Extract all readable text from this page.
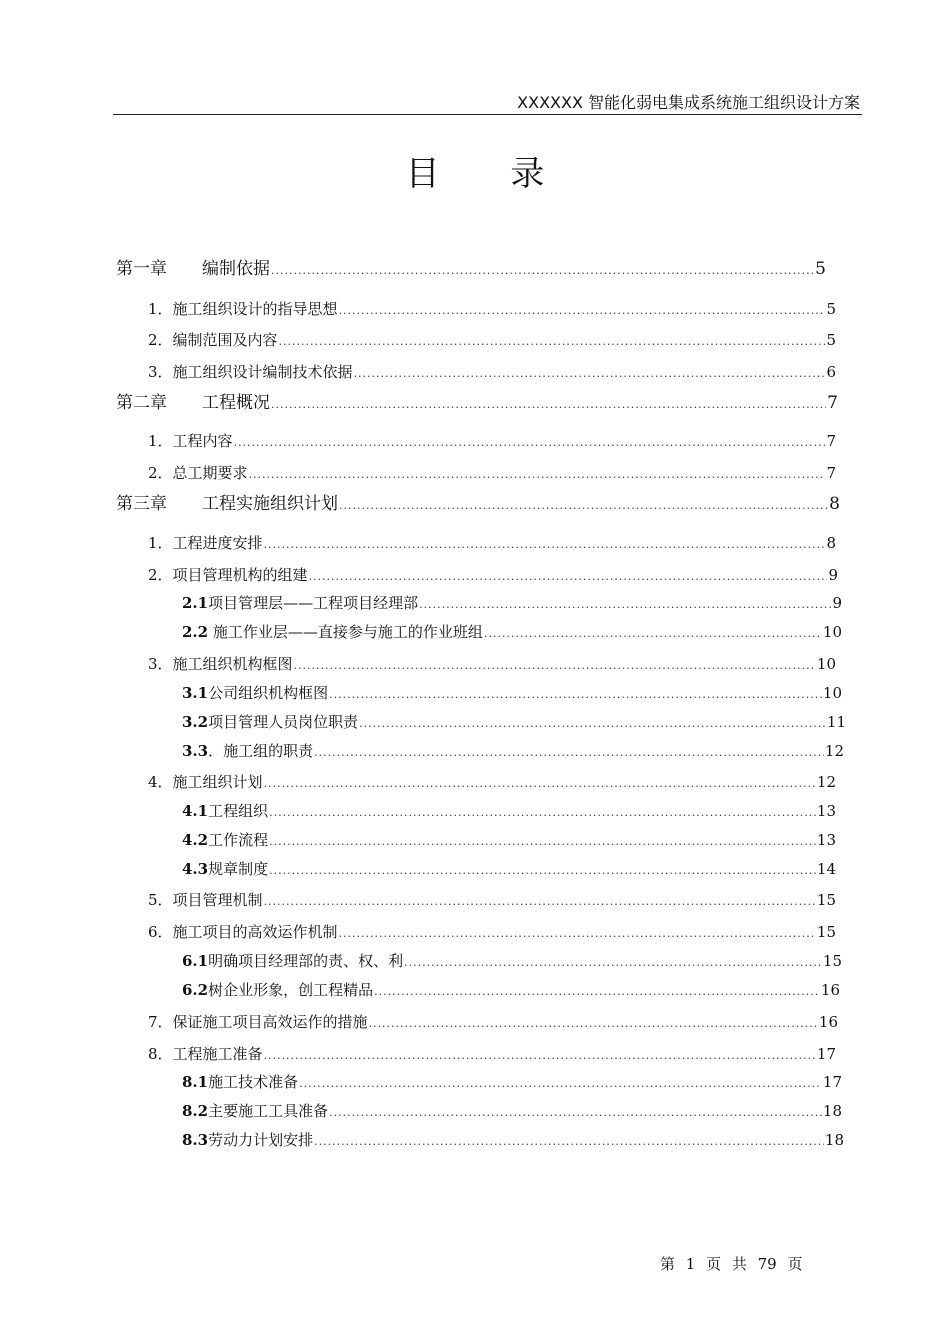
XXXXXX 智能化弱电集成系统施工组织设计方案
目 录
第一章 编制依据 .....	5
1．施工组织设计的指导思想 .....	5
2．编制范围及内容 .....	5
3．施工组织设计编制技术依据 .....	6
第二章 工程概况 .....	7
1．工程内容 .....	7
2．总工期要求 .....	7
第三章 工程实施组织计划 .....	8
1．工程进度安排 .....	8
2．项目管理机构的组建 .....	9
2.1项目管理层——工程项目经理部 .....	9
2.2 施工作业层——直接参与施工的作业班组 .....	10
3．施工组织机构框图 .....	10
3.1公司组织机构框图 .....	10
3.2项目管理人员岗位职责 .....	11
3.3．施工组的职责 .....	12
4．施工组织计划 .....	12
4.1工程组织 .....	13
4.2工作流程 .....	13
4.3规章制度 .....	14
5．项目管理机制 .....	15
6．施工项目的高效运作机制 .....	15
6.1明确项目经理部的责、权、利 .....	15
6.2树企业形象，创工程精品 .....	16
7．保证施工项目高效运作的措施 .....	16
8．工程施工准备 .....	17
8.1施工技术准备 .....	17
8.2主要施工工具准备 .....	18
8.3劳动力计划安排 .....	18
第 1 页 共 79 页
